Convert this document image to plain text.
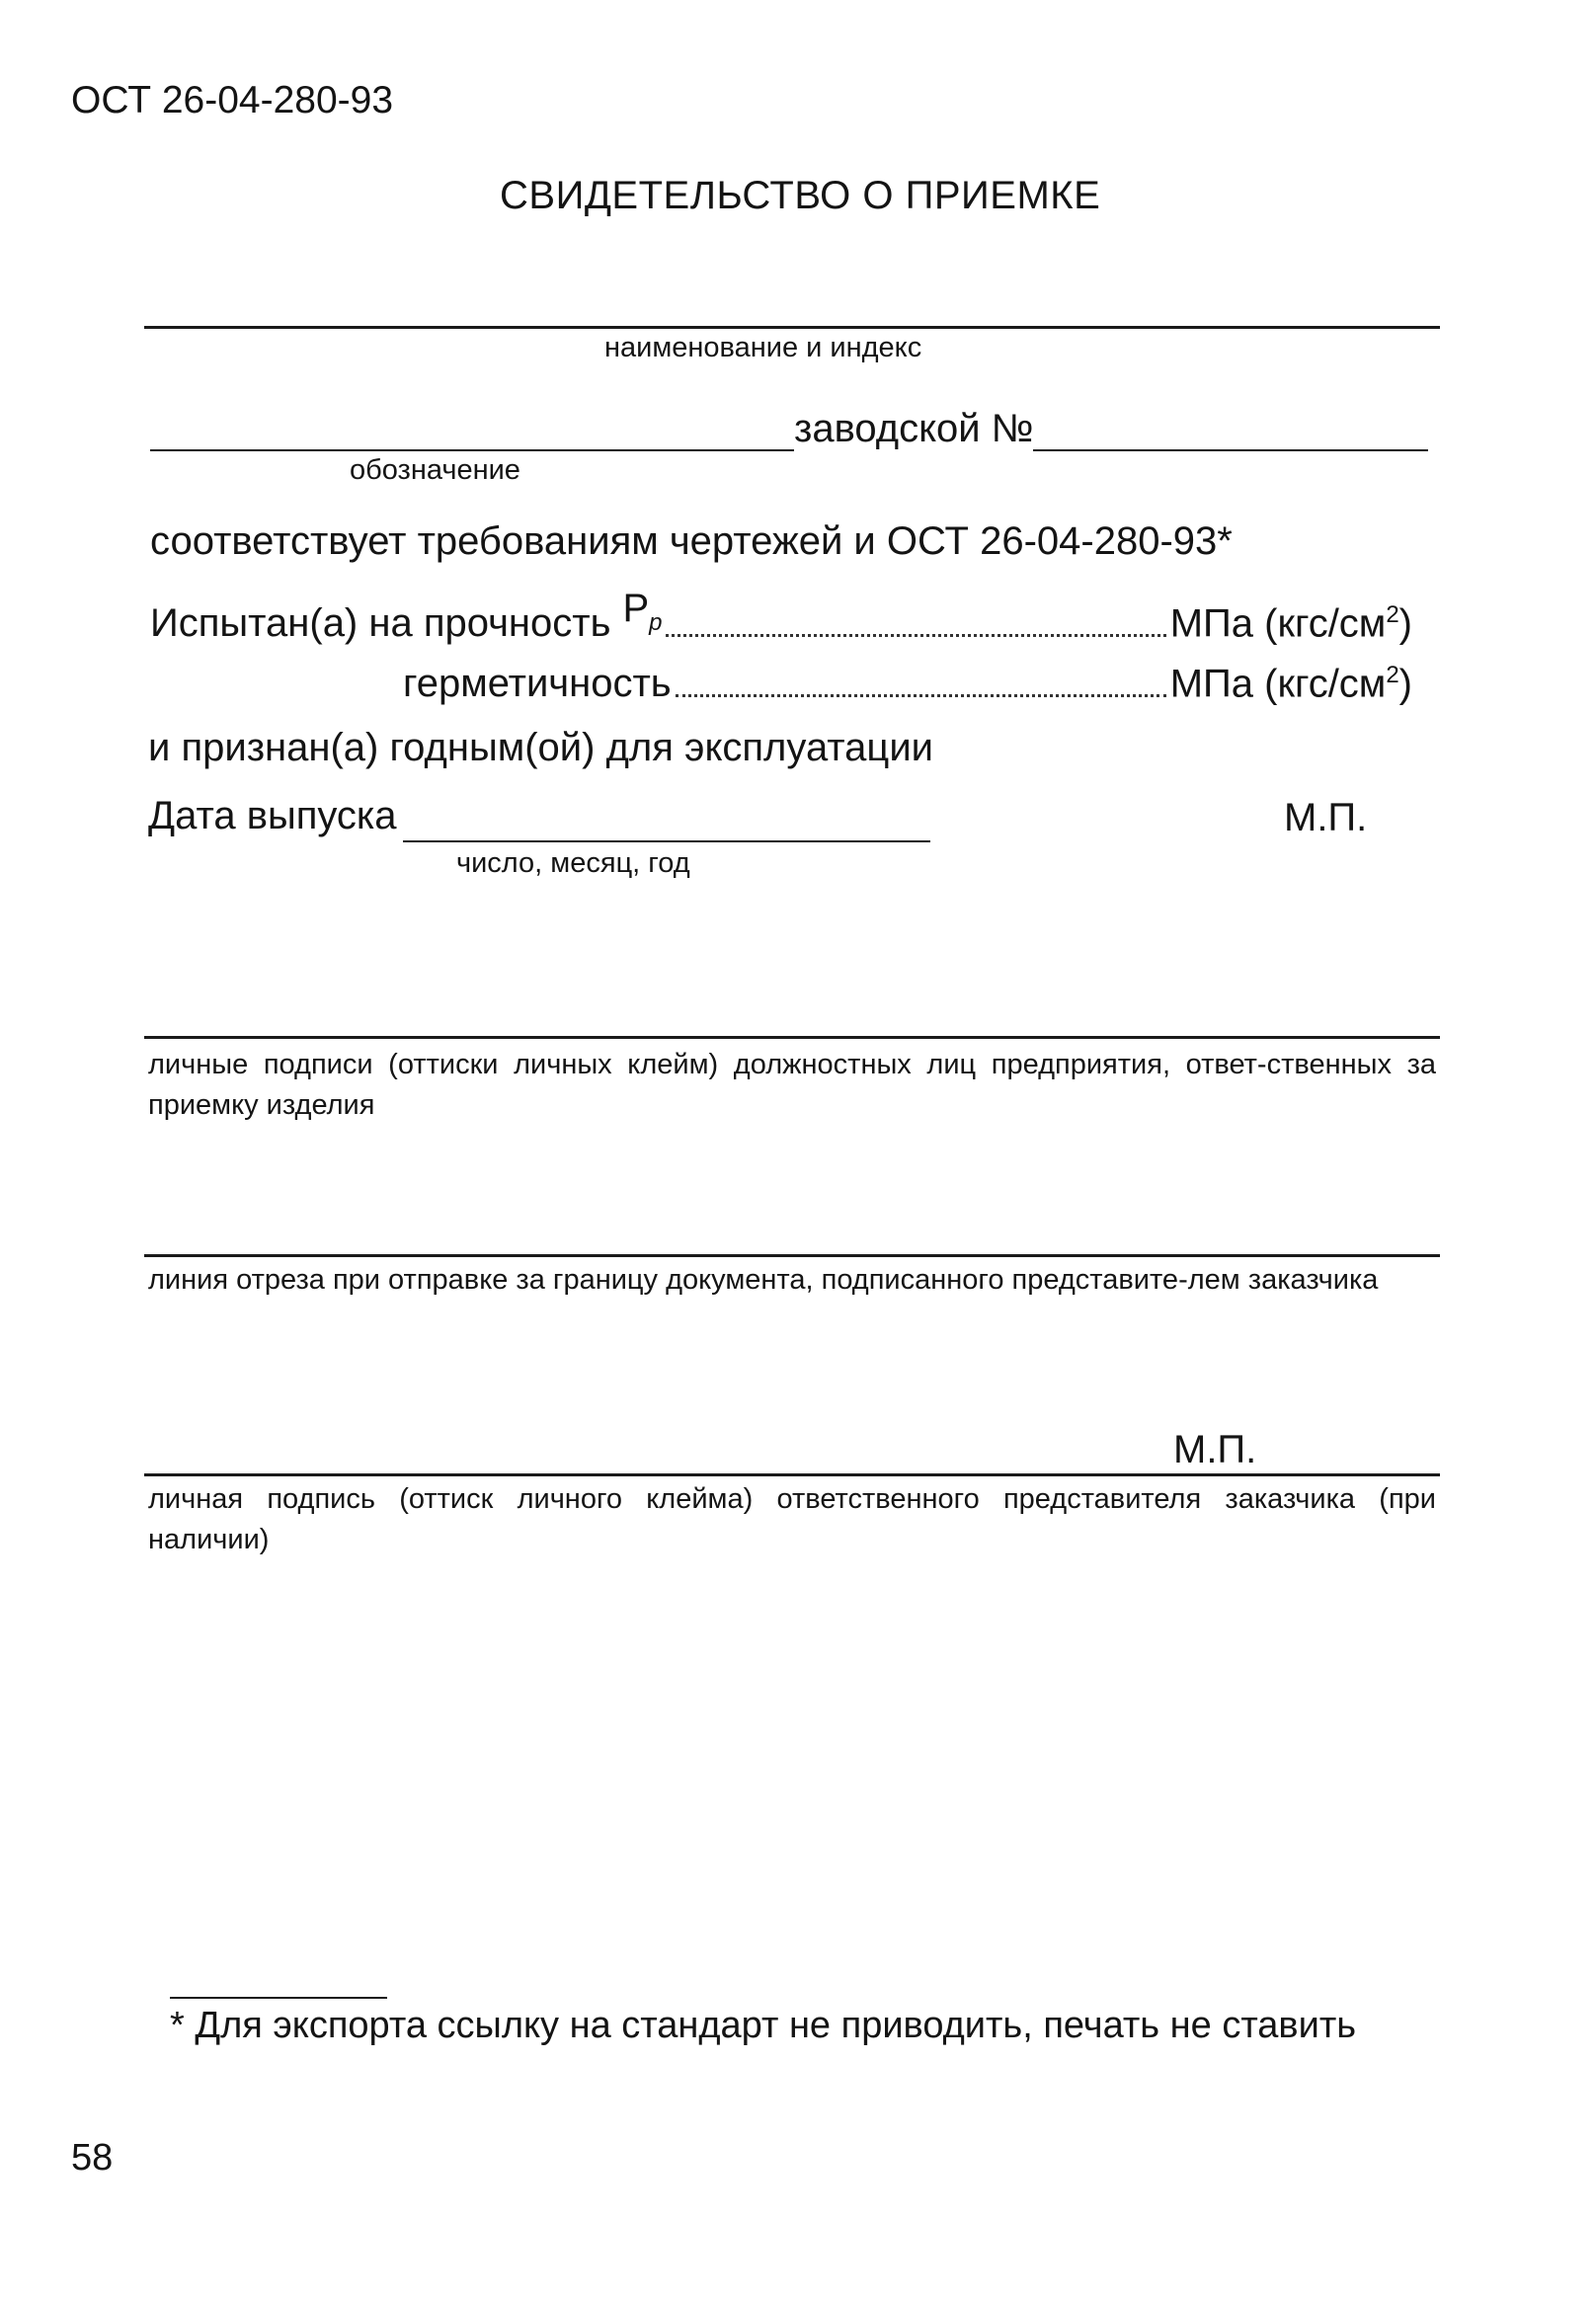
ОСТ 26-04-280-93
СВИДЕТЕЛЬСТВО О ПРИЕМКЕ
наименование и индекс
заводской №
обозначение
соответствует требованиям чертежей и ОСТ 26-04-280-93*
Испытан(а) на прочность $P_p$	МПа $(кгс/см^2)$
герметичность	МПа $(кгс/см^2)$
и признан(а) годным(ой) для эксплуатации
Дата выпуска	М.П.
число, месяц, год
личные подписи (оттиски личных клейм) должностных лиц предприятия, ответ-ственных за приемку изделия
линия отреза при отправке за границу документа, подписанного представите-лем заказчика
М.П.
личная подпись (оттиск личного клейма) ответственного представителя заказчика (при наличии)
* Для экспорта ссылку на стандарт не приводить, печать не ставить
58
